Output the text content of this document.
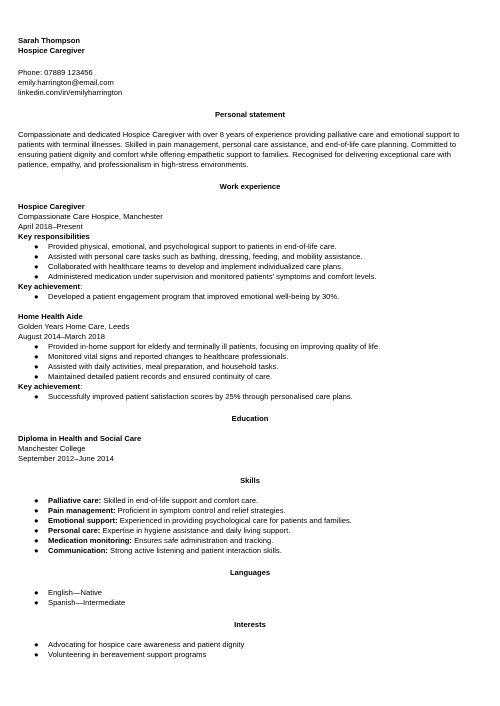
Sarah Thompson
Hospice Caregiver
Phone: 07889 123456
emily.harrington@email.com
linkedin.com/in/emilyharrington
Personal statement
Compassionate and dedicated Hospice Caregiver with over 8 years of experience providing palliative care and emotional support to patients with terminal illnesses. Skilled in pain management, personal care assistance, and end-of-life care planning. Committed to ensuring patient dignity and comfort while offering empathetic support to families. Recognised for delivering exceptional care with patience, empathy, and professionalism in high-stress environments.
Work experience
Hospice Caregiver
Compassionate Care Hospice, Manchester
April 2018–Present
Key responsibilities
● Provided physical, emotional, and psychological support to patients in end-of-life care.
● Assisted with personal care tasks such as bathing, dressing, feeding, and mobility assistance.
● Collaborated with healthcare teams to develop and implement individualized care plans.
● Administered medication under supervision and monitored patients’ symptoms and comfort levels.
Key achievement:
● Developed a patient engagement program that improved emotional well-being by 30%.
Home Health Aide
Golden Years Home Care, Leeds
August 2014–March 2018
● Provided in-home support for elderly and terminally ill patients, focusing on improving quality of life.
● Monitored vital signs and reported changes to healthcare professionals.
● Assisted with daily activities, meal preparation, and household tasks.
● Maintained detailed patient records and ensured continuity of care.
Key achievement:
● Successfully improved patient satisfaction scores by 25% through personalised care plans.
Education
Diploma in Health and Social Care
Manchester College
September 2012–June 2014
Skills
● Palliative care: Skilled in end-of-life support and comfort care.
● Pain management: Proficient in symptom control and relief strategies.
● Emotional support: Experienced in providing psychological care for patients and families.
● Personal care: Expertise in hygiene assistance and daily living support.
● Medication monitoring: Ensures safe administration and tracking.
● Communication: Strong active listening and patient interaction skills.
Languages
● English—Native
● Spanish—Intermediate
Interests
● Advocating for hospice care awareness and patient dignity
● Volunteering in bereavement support programs
